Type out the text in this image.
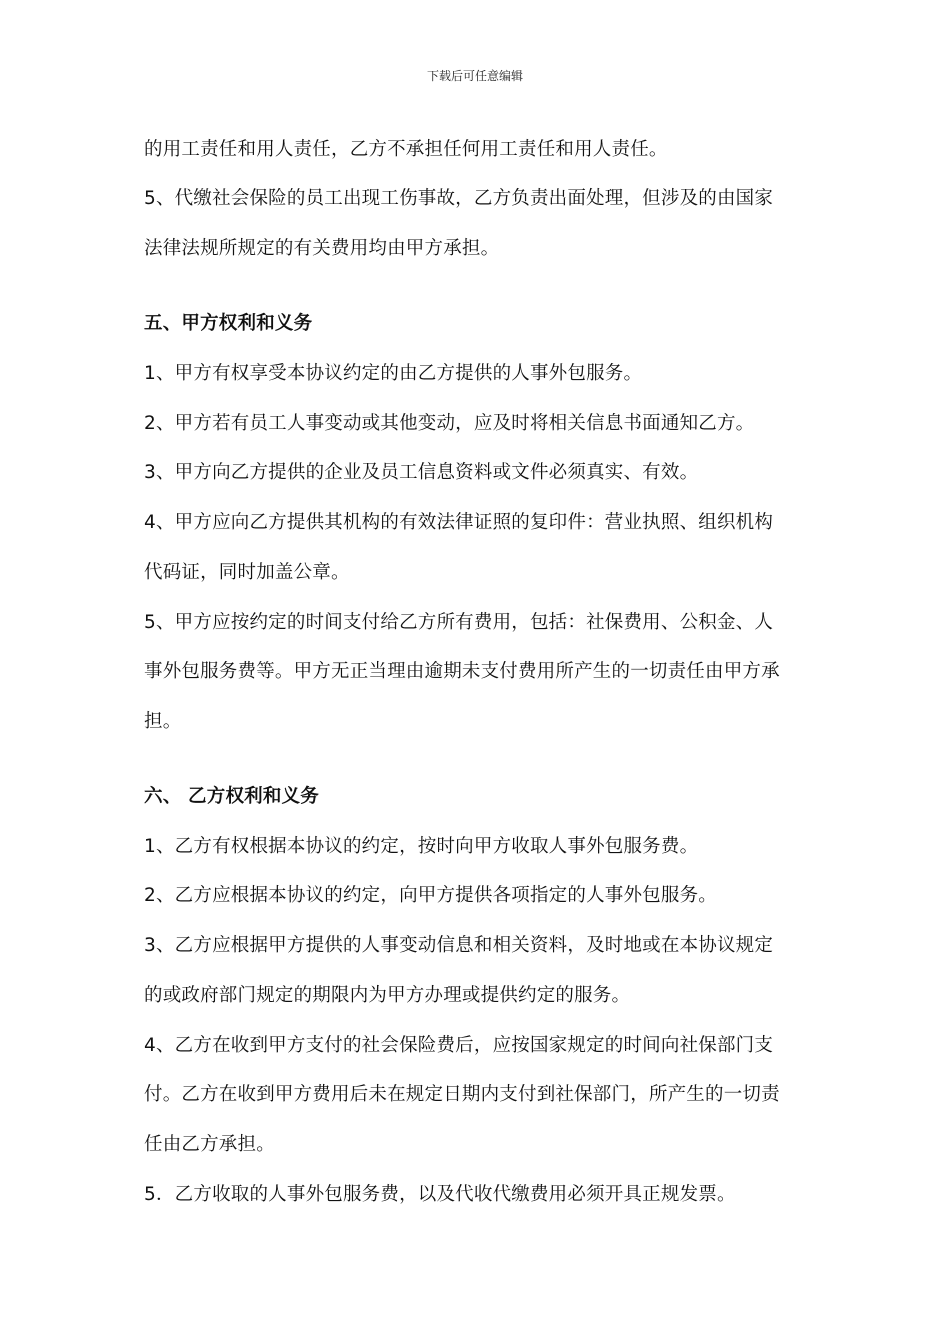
下载后可任意编辑
的用工责任和用人责任，乙方不承担任何用工责任和用人责任。
5、代缴社会保险的员工出现工伤事故，乙方负责出面处理，但涉及的由国家
法律法规所规定的有关费用均由甲方承担。
五、甲方权利和义务
1、甲方有权享受本协议约定的由乙方提供的人事外包服务。
2、甲方若有员工人事变动或其他变动，应及时将相关信息书面通知乙方。
3、甲方向乙方提供的企业及员工信息资料或文件必须真实、有效。
4、甲方应向乙方提供其机构的有效法律证照的复印件：营业执照、组织机构
代码证，同时加盖公章。
5、甲方应按约定的时间支付给乙方所有费用，包括：社保费用、公积金、人
事外包服务费等。甲方无正当理由逾期未支付费用所产生的一切责任由甲方承
担。
六、 乙方权利和义务
1、乙方有权根据本协议的约定，按时向甲方收取人事外包服务费。
2、乙方应根据本协议的约定，向甲方提供各项指定的人事外包服务。
3、乙方应根据甲方提供的人事变动信息和相关资料，及时地或在本协议规定
的或政府部门规定的期限内为甲方办理或提供约定的服务。
4、乙方在收到甲方支付的社会保险费后，应按国家规定的时间向社保部门支
付。乙方在收到甲方费用后未在规定日期内支付到社保部门，所产生的一切责
任由乙方承担。
5．乙方收取的人事外包服务费，以及代收代缴费用必须开具正规发票。
